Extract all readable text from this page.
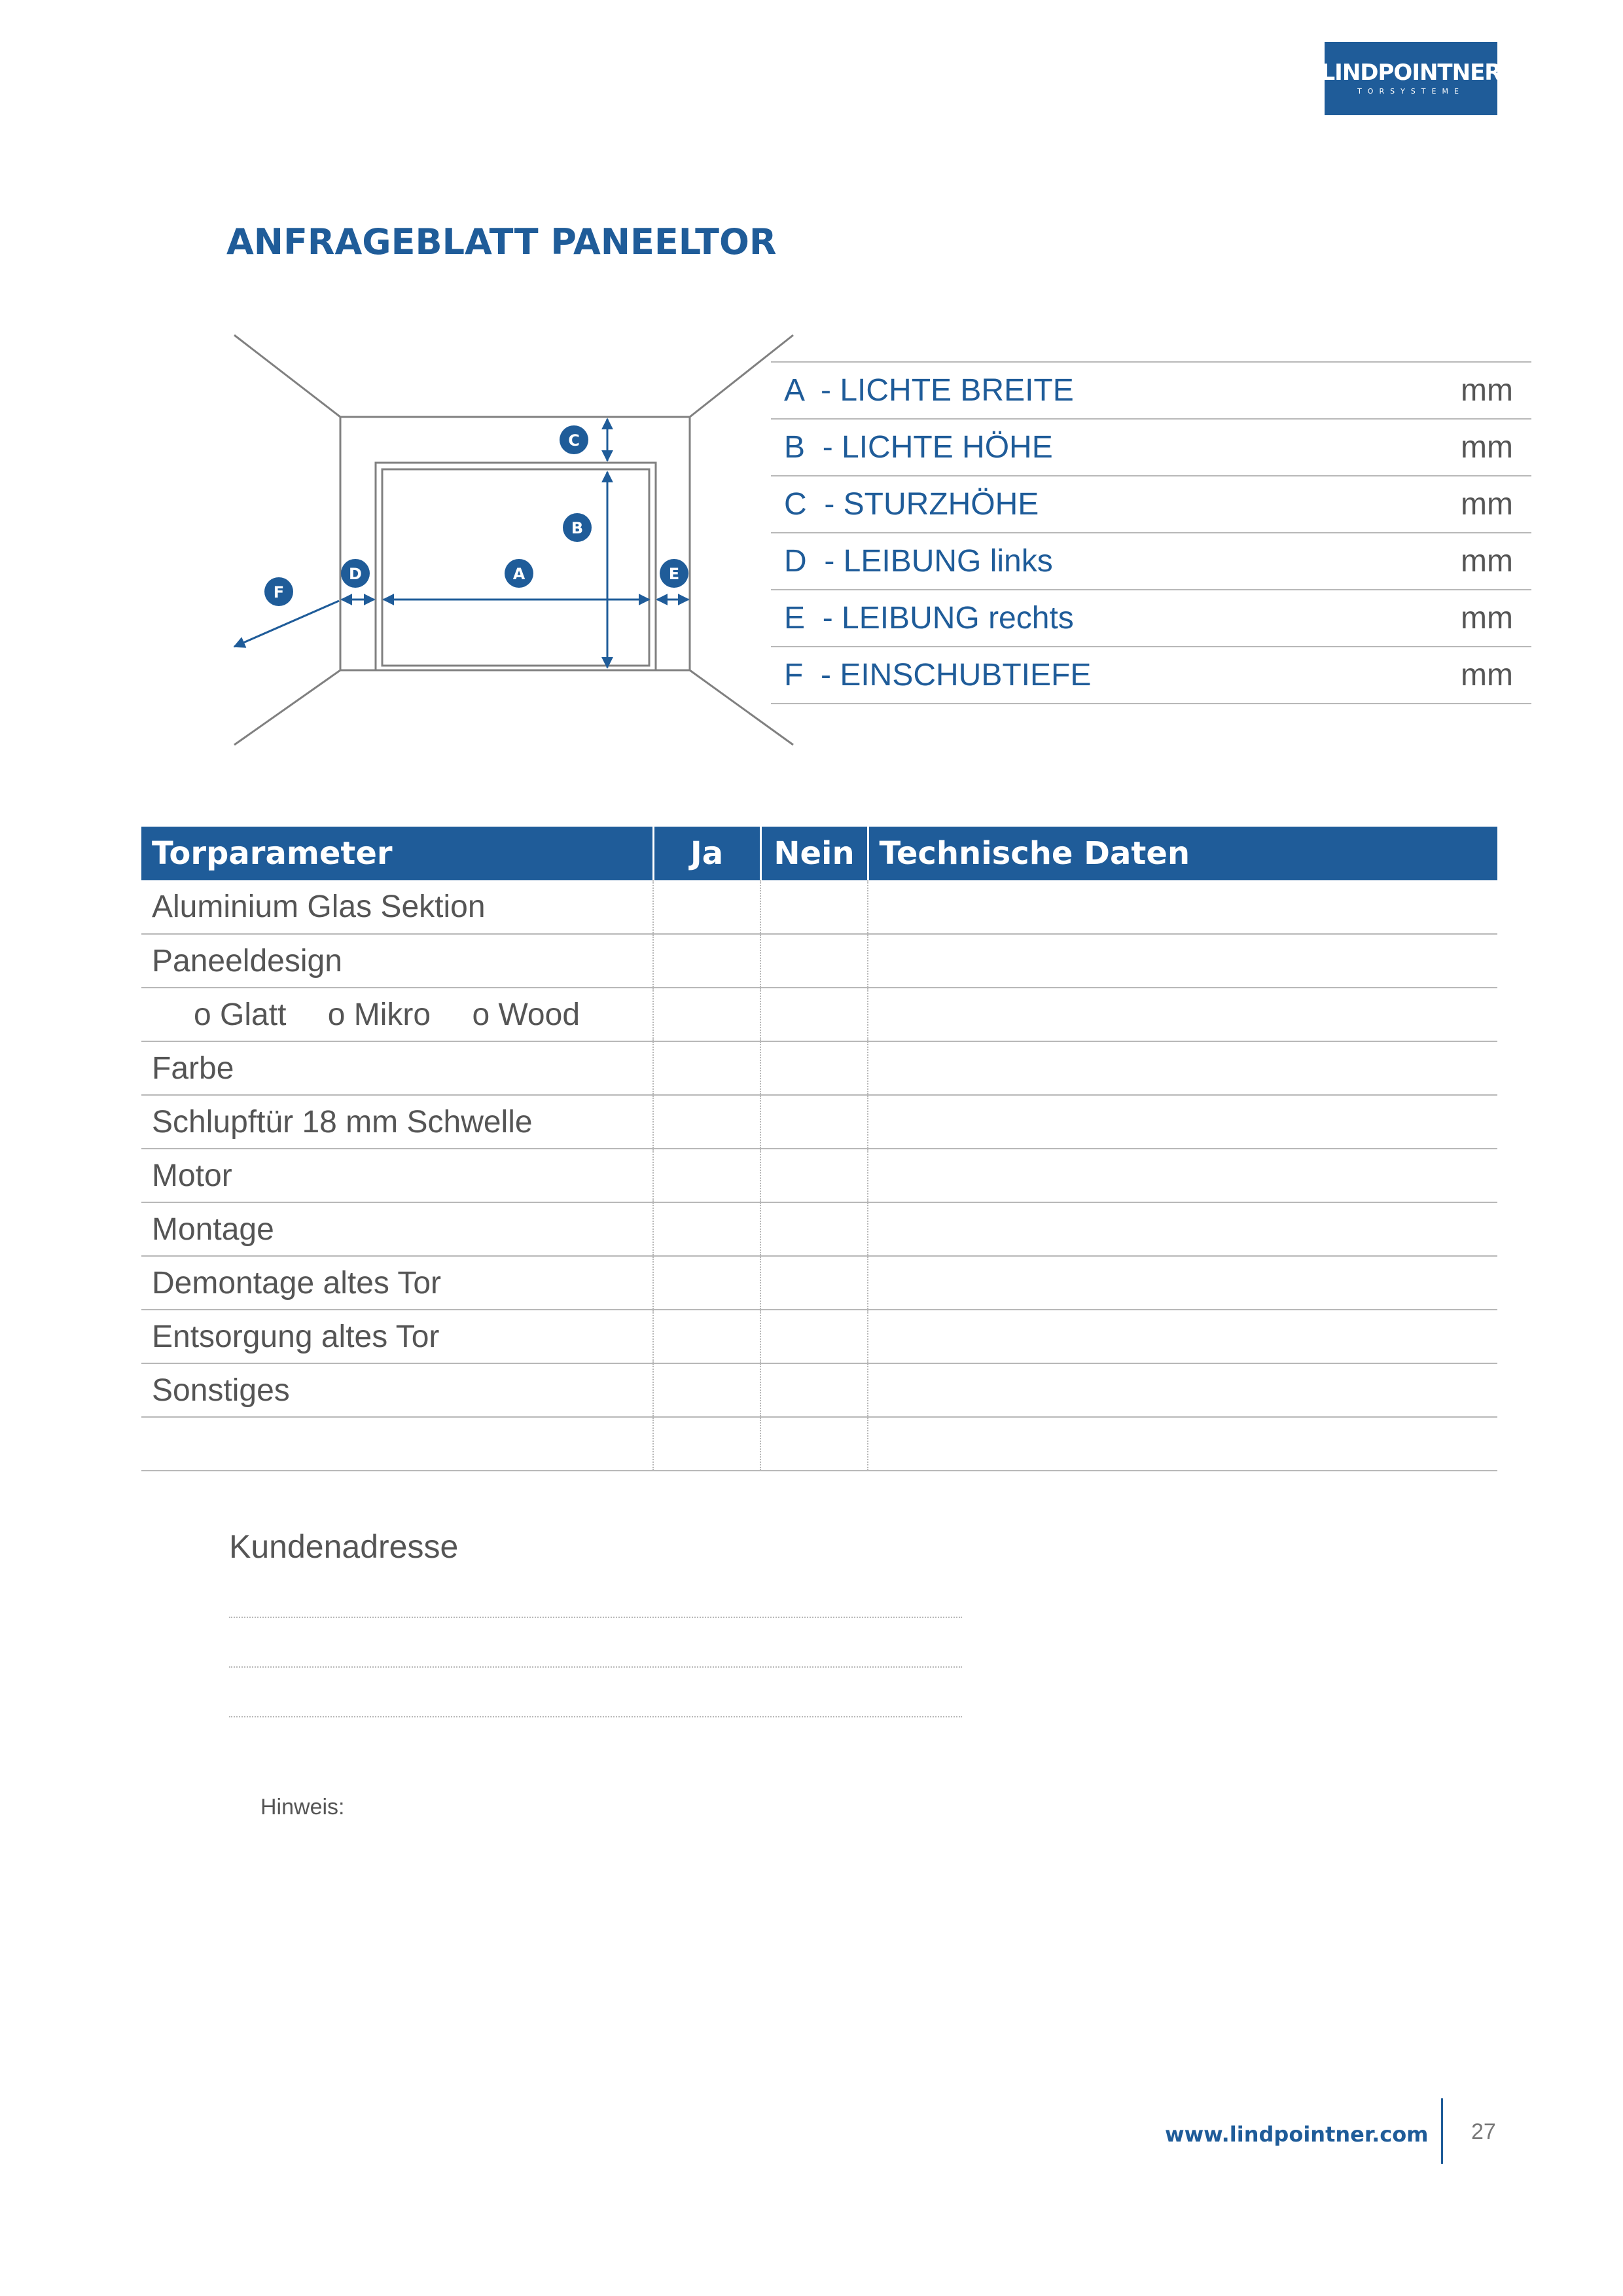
LINDPOINTNER
TORSYSTEME
ANFRAGEBLATT PANEELTOR
A
B
C
D	E
F
A  - LICHTE BREITE	mm
B  - LICHTE HÖHE	mm
C  - STURZHÖHE	mm
D  - LEIBUNG links	mm
E  - LEIBUNG rechts	mm
F  - EINSCHUBTIEFE	mm
Torparameter	Ja	Nein	Technische Daten
Aluminium Glas Sektion			
Paneeldesign			
o Glatt o Mikro o Wood			
Farbe			
Schlupftür 18 mm Schwelle			
Motor			
Montage			
Demontage altes Tor			
Entsorgung altes Tor			
Sonstiges			

Kundenadresse
Hinweis:
www.lindpointner.com 27
